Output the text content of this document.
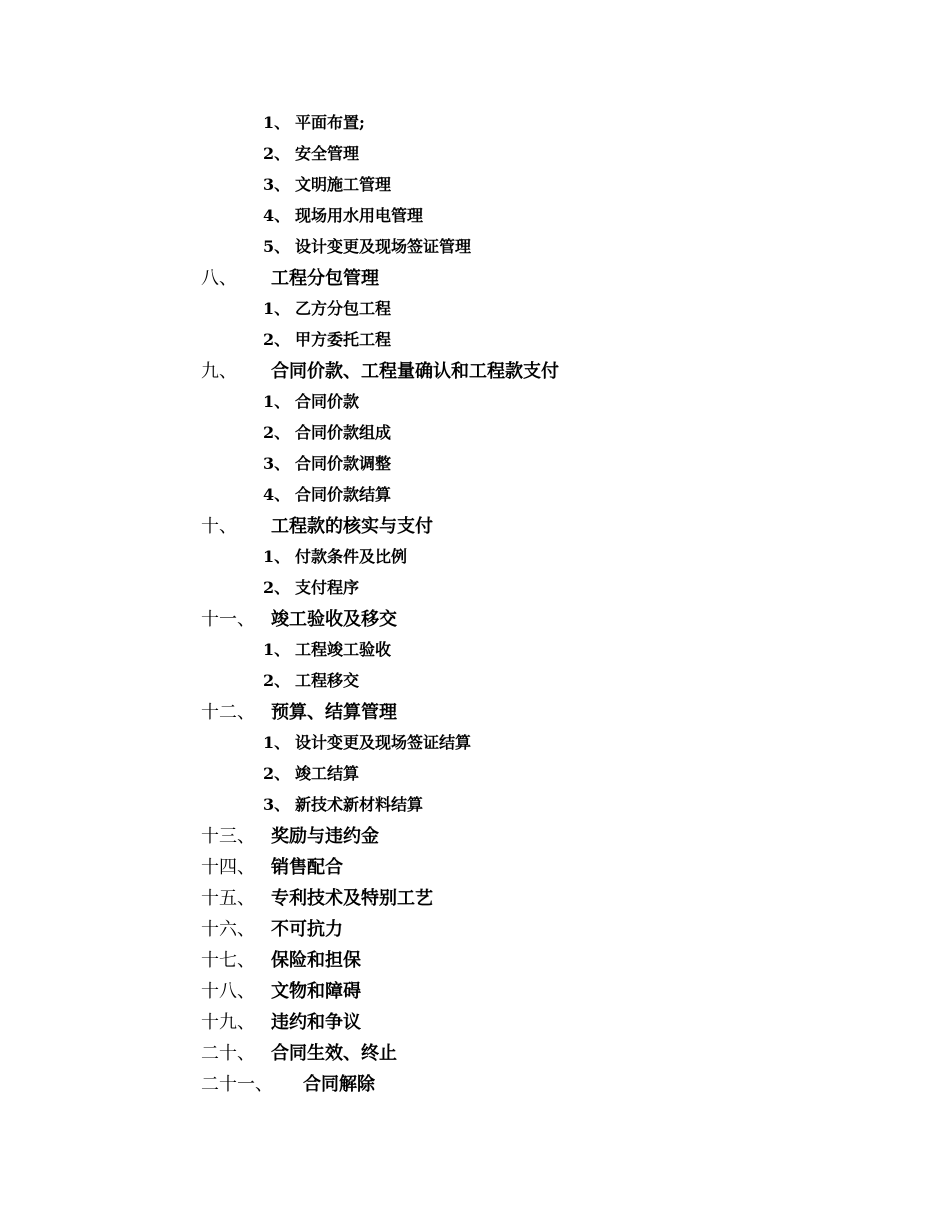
1、 平面布置;
2、 安全管理
3、 文明施工管理
4、 现场用水用电管理
5、 设计变更及现场签证管理
八、 工程分包管理
1、 乙方分包工程
2、 甲方委托工程
九、 合同价款、工程量确认和工程款支付
1、 合同价款
2、 合同价款组成
3、 合同价款调整
4、 合同价款结算
十、 工程款的核实与支付
1、 付款条件及比例
2、 支付程序
十一、 竣工验收及移交
1、 工程竣工验收
2、 工程移交
十二、 预算、结算管理
1、 设计变更及现场签证结算
2、 竣工结算
3、 新技术新材料结算
十三、 奖励与违约金
十四、 销售配合
十五、 专利技术及特别工艺
十六、 不可抗力
十七、 保险和担保
十八、 文物和障碍
十九、 违约和争议
二十、 合同生效、终止
二十一、 合同解除
